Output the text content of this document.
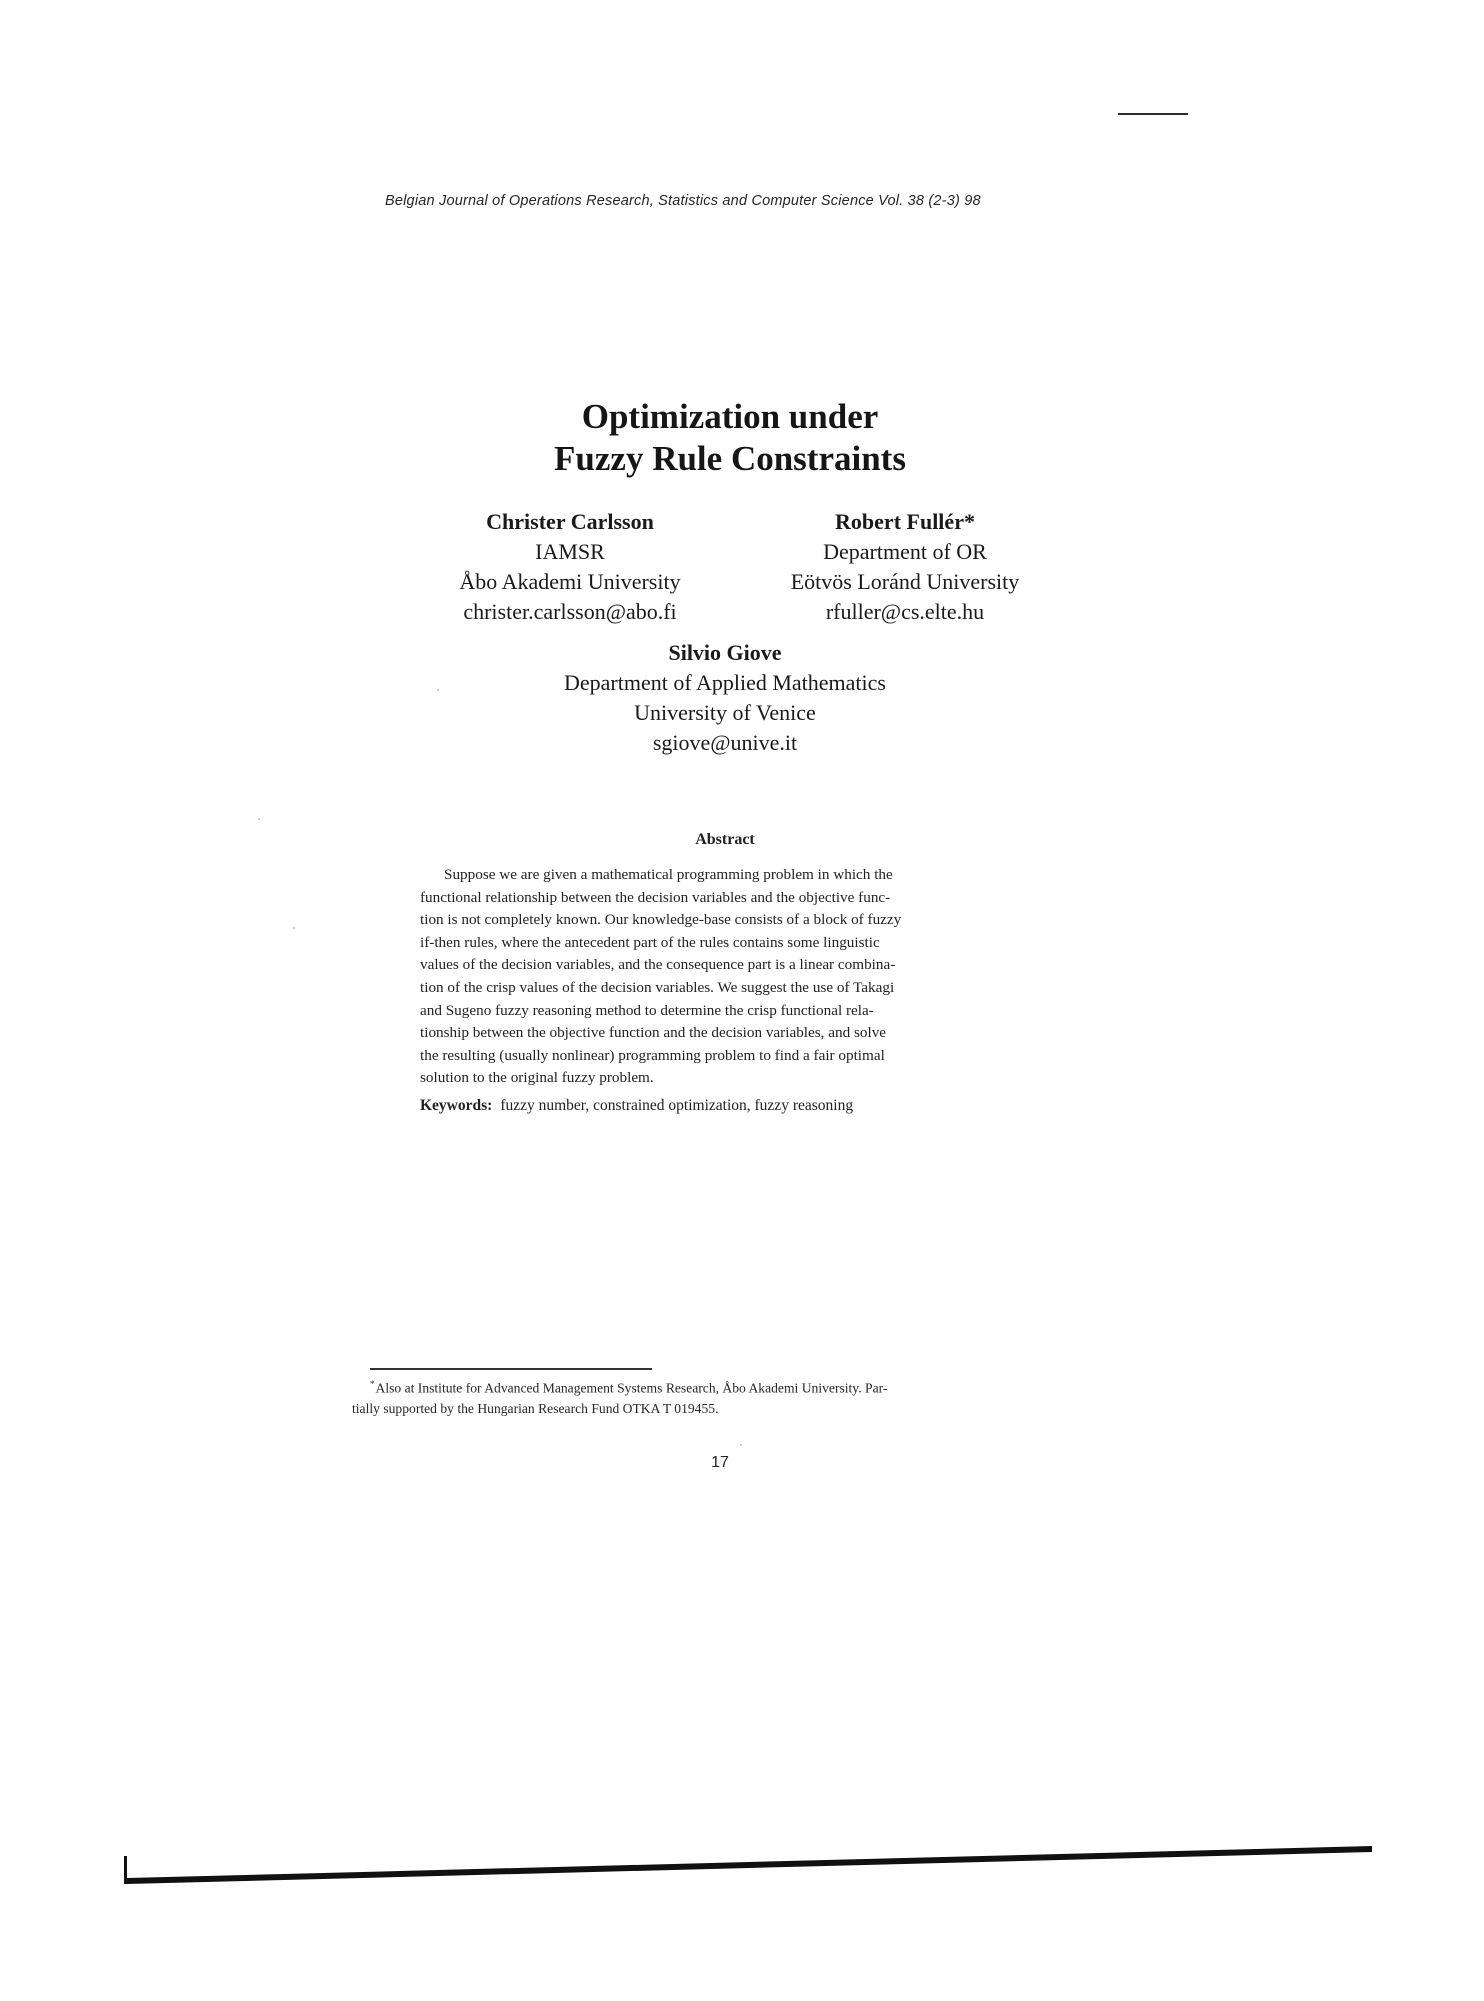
Belgian Journal of Operations Research, Statistics and Computer Science Vol. 38 (2-3) 98
Optimization under
Fuzzy Rule Constraints
Christer Carlsson
IAMSR
Åbo Akademi University
christer.carlsson@abo.fi
Robert Fullér*
Department of OR
Eötvös Loránd University
rfuller@cs.elte.hu
Silvio Giove
Department of Applied Mathematics
University of Venice
sgiove@unive.it
Abstract
Suppose we are given a mathematical programming problem in which the
functional relationship between the decision variables and the objective func-
tion is not completely known. Our knowledge-base consists of a block of fuzzy
if-then rules, where the antecedent part of the rules contains some linguistic
values of the decision variables, and the consequence part is a linear combina-
tion of the crisp values of the decision variables. We suggest the use of Takagi
and Sugeno fuzzy reasoning method to determine the crisp functional rela-
tionship between the objective function and the decision variables, and solve
the resulting (usually nonlinear) programming problem to find a fair optimal
solution to the original fuzzy problem.
Keywords: fuzzy number, constrained optimization, fuzzy reasoning
*Also at Institute for Advanced Management Systems Research, Åbo Akademi University. Par-
tially supported by the Hungarian Research Fund OTKA T 019455.
17
